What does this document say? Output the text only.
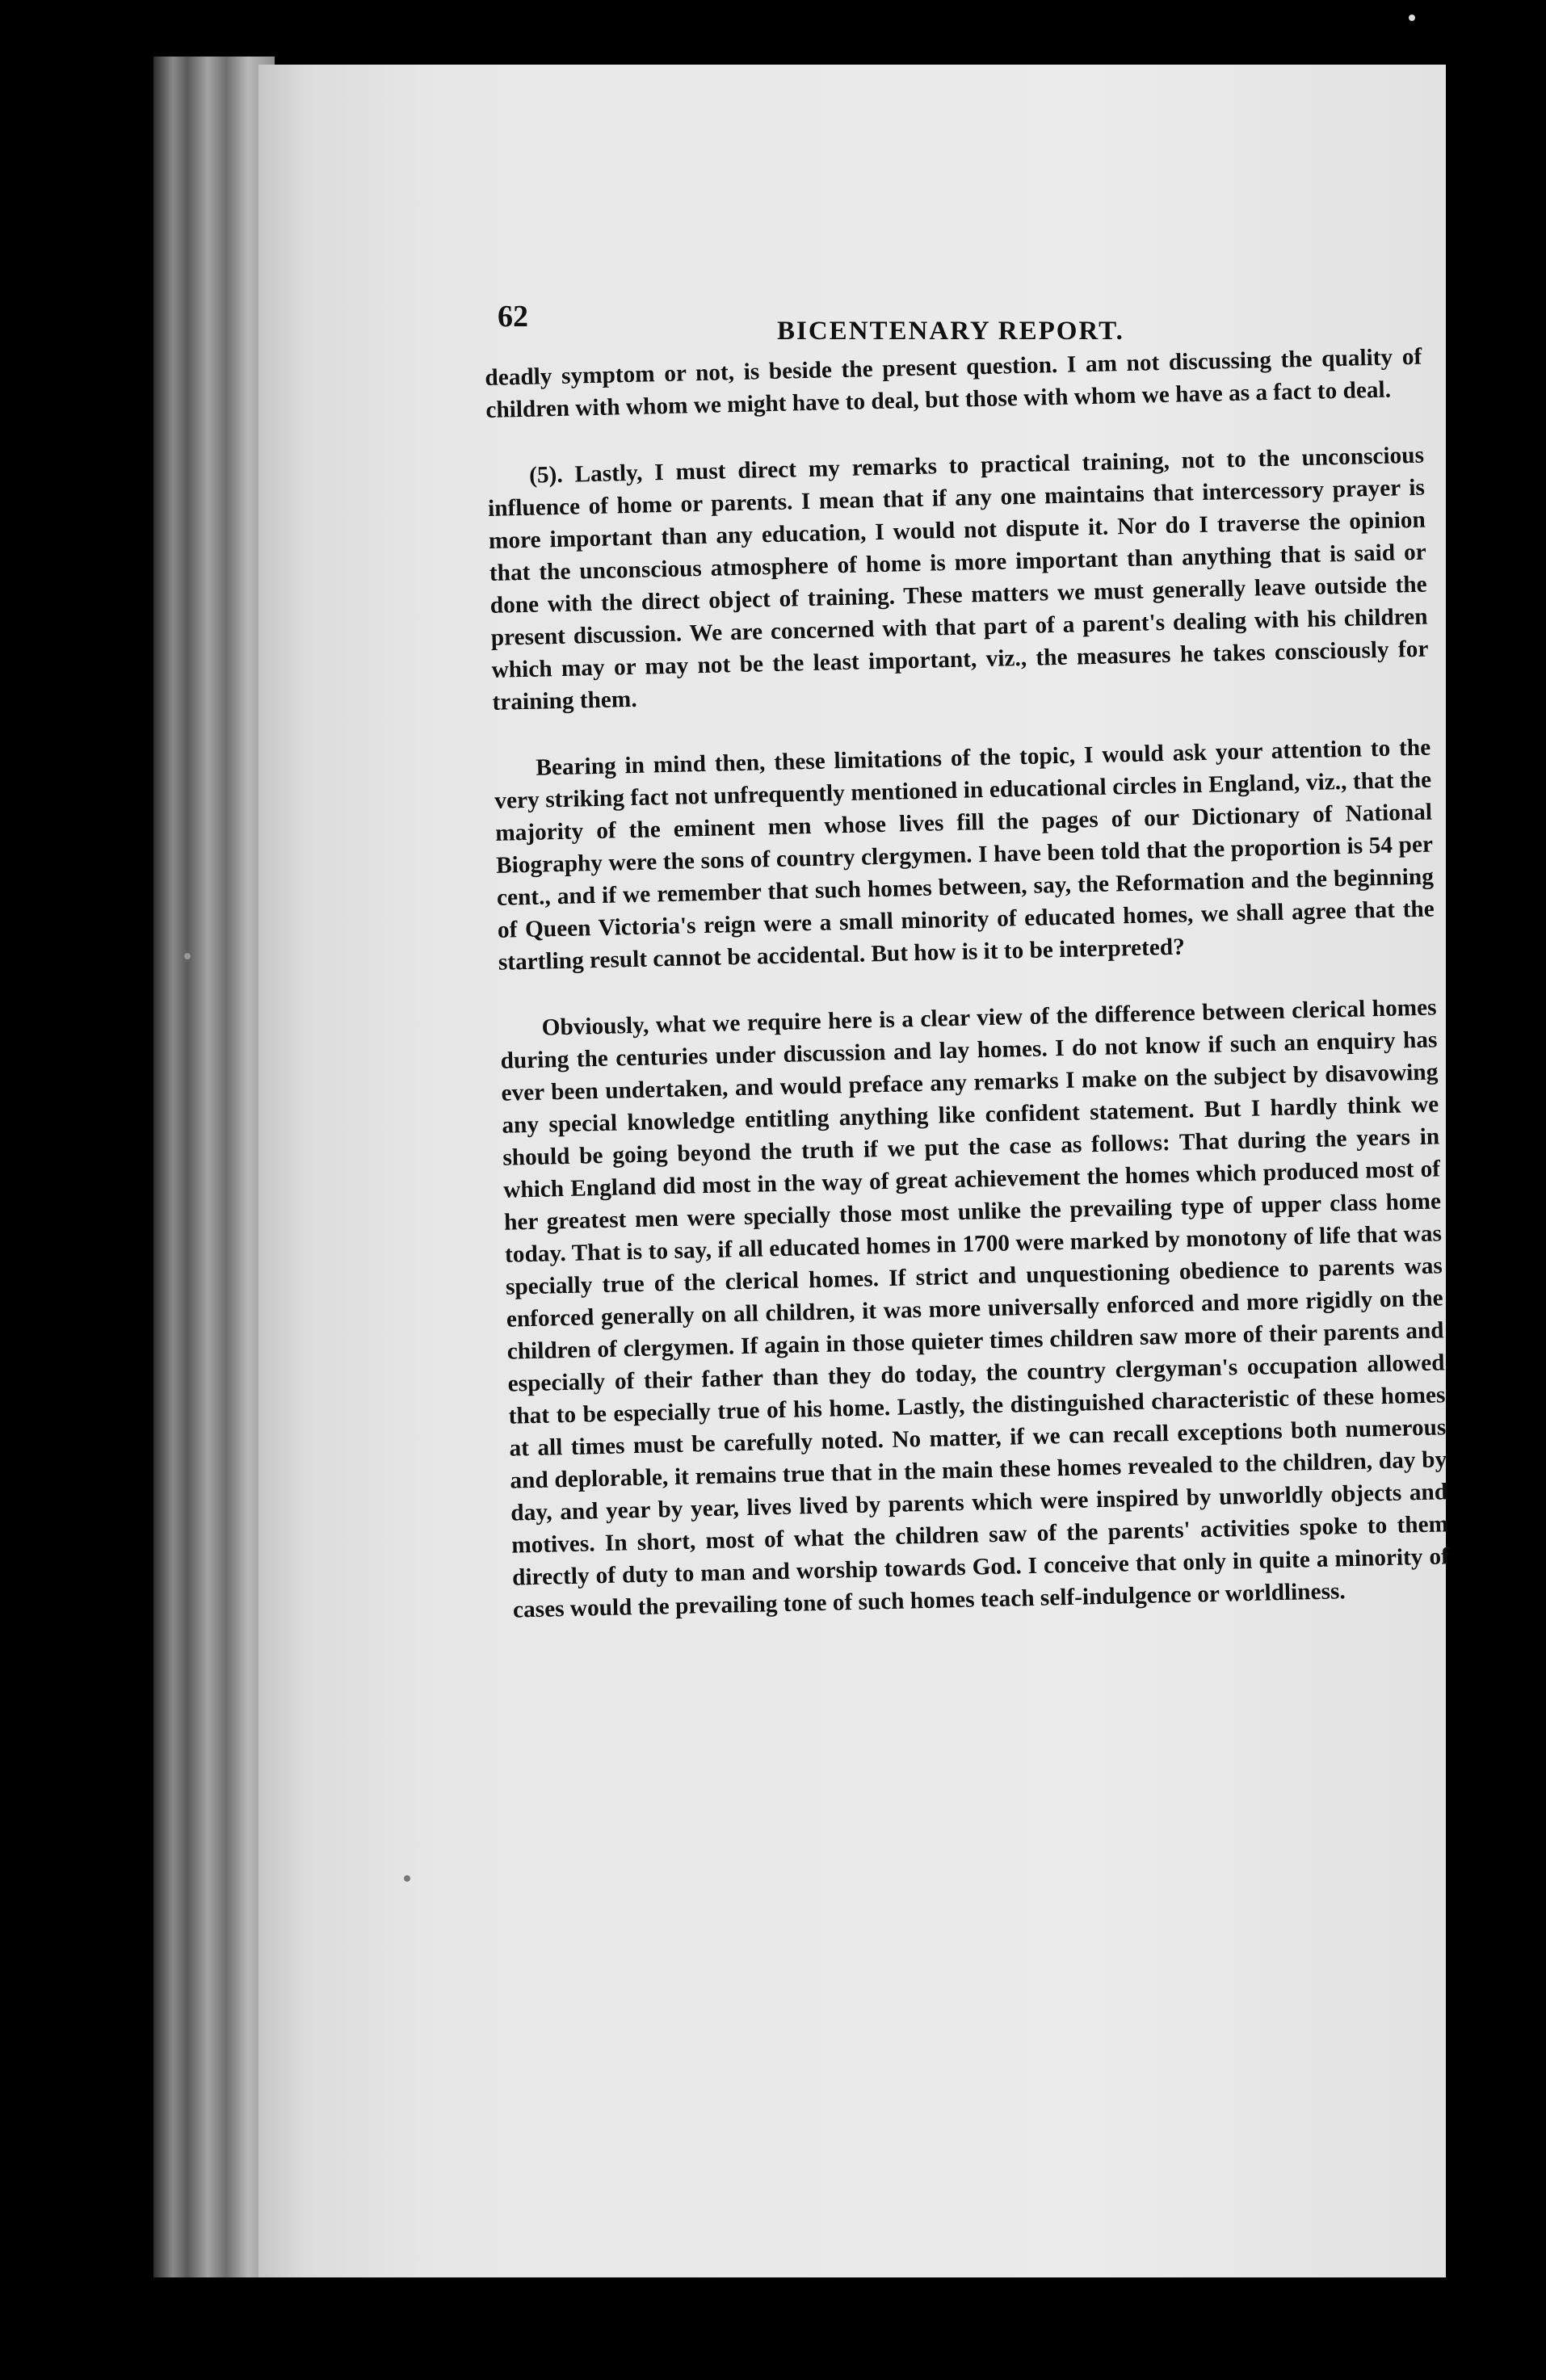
62	BICENTENARY REPORT.

deadly symptom or not, is beside the present question. I am not discussing the quality of children with whom we might have to deal, but those with whom we have as a fact to deal.

(5). Lastly, I must direct my remarks to practical training, not to the unconscious influence of home or parents. I mean that if any one maintains that intercessory prayer is more important than any education, I would not dispute it. Nor do I traverse the opinion that the unconscious atmosphere of home is more important than anything that is said or done with the direct object of training. These matters we must generally leave outside the present discussion. We are concerned with that part of a parent's dealing with his children which may or may not be the least important, viz., the measures he takes consciously for training them.

Bearing in mind then, these limitations of the topic, I would ask your attention to the very striking fact not unfrequently mentioned in educational circles in England, viz., that the majority of the eminent men whose lives fill the pages of our Dictionary of National Biography were the sons of country clergymen. I have been told that the proportion is 54 per cent., and if we remember that such homes between, say, the Reformation and the beginning of Queen Victoria's reign were a small minority of educated homes, we shall agree that the startling result cannot be accidental. But how is it to be interpreted?

Obviously, what we require here is a clear view of the difference between clerical homes during the centuries under discussion and lay homes. I do not know if such an enquiry has ever been undertaken, and would preface any remarks I make on the subject by disavowing any special knowledge entitling anything like confident statement. But I hardly think we should be going beyond the truth if we put the case as follows: That during the years in which England did most in the way of great achievement the homes which produced most of her greatest men were specially those most unlike the prevailing type of upper class home today. That is to say, if all educated homes in 1700 were marked by monotony of life that was specially true of the clerical homes. If strict and unquestioning obedience to parents was enforced generally on all children, it was more universally enforced and more rigidly on the children of clergymen. If again in those quieter times children saw more of their parents and especially of their father than they do today, the country clergyman's occupation allowed that to be especially true of his home. Lastly, the distinguished characteristic of these homes at all times must be carefully noted. No matter, if we can recall exceptions both numerous and deplorable, it remains true that in the main these homes revealed to the children, day by day, and year by year, lives lived by parents which were inspired by unworldly objects and motives. In short, most of what the children saw of the parents' activities spoke to them directly of duty to man and worship towards God. I conceive that only in quite a minority of cases would the prevailing tone of such homes teach self-indulgence or worldliness.
